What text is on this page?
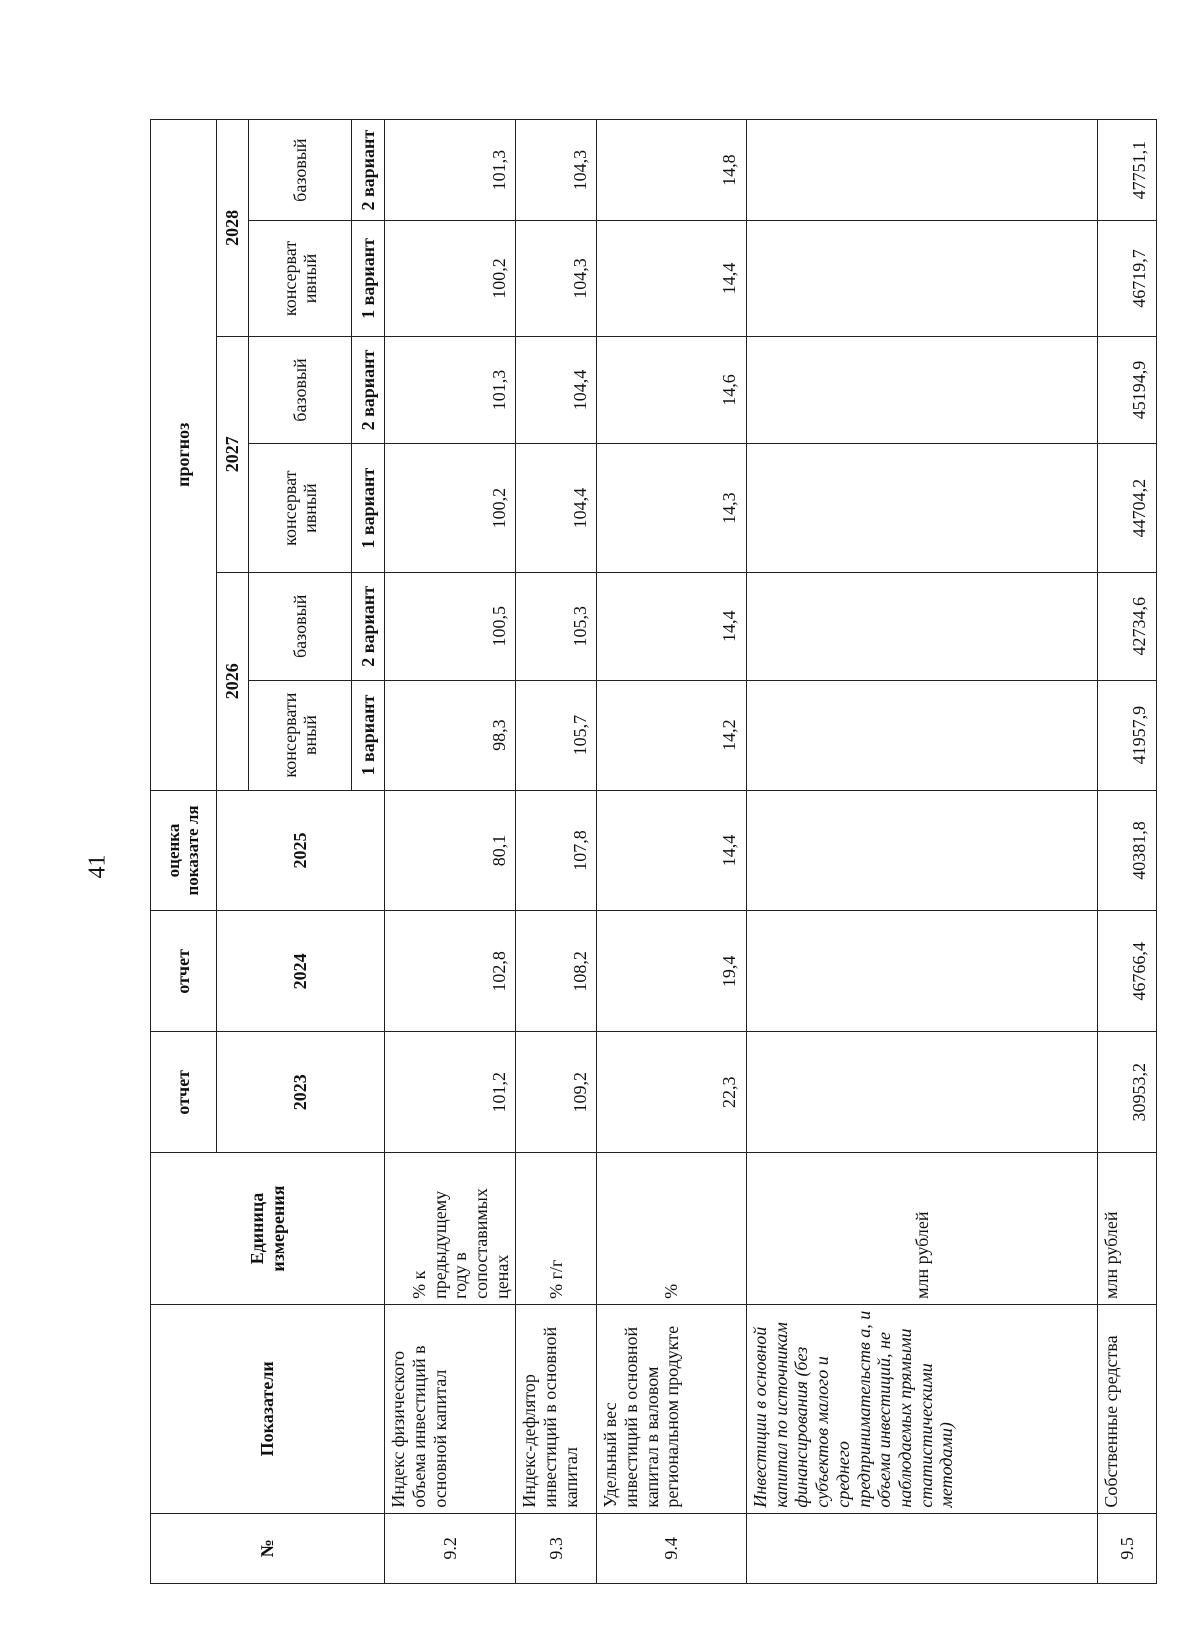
41
№	Показатели	Единица измерения	отчет	отчет	оценка показате ля	прогноз					
			2023	2024	2025	2026		2027		2028	
						консервати вный	базовый	консерват ивный	базовый	консерват ивный	базовый
						1 вариант	2 вариант	1 вариант	2 вариант	1 вариант	2 вариант
9.2	Индекс физического объема инвестиций в основной капитал	% к предыдущему году в сопоставимых ценах	101,2	102,8	80,1	98,3	100,5	100,2	101,3	100,2	101,3
9.3	Индекс-дефлятор инвестиций в основной капитал	% г/г	109,2	108,2	107,8	105,7	105,3	104,4	104,4	104,3	104,3
9.4	Удельный вес инвестиций в основной капитал в валовом региональном продукте	%	22,3	19,4	14,4	14,2	14,4	14,3	14,6	14,4	14,8
	Инвестиции в основной капитал по источникам финансирования (без субъектов малого и среднего предпринимательств а, и объема инвестиций, не наблюдаемых прямыми статистическими методами)	млн рублей									
9.5	Собственные средства	млн рублей	30953,2	46766,4	40381,8	41957,9	42734,6	44704,2	45194,9	46719,7	47751,1
